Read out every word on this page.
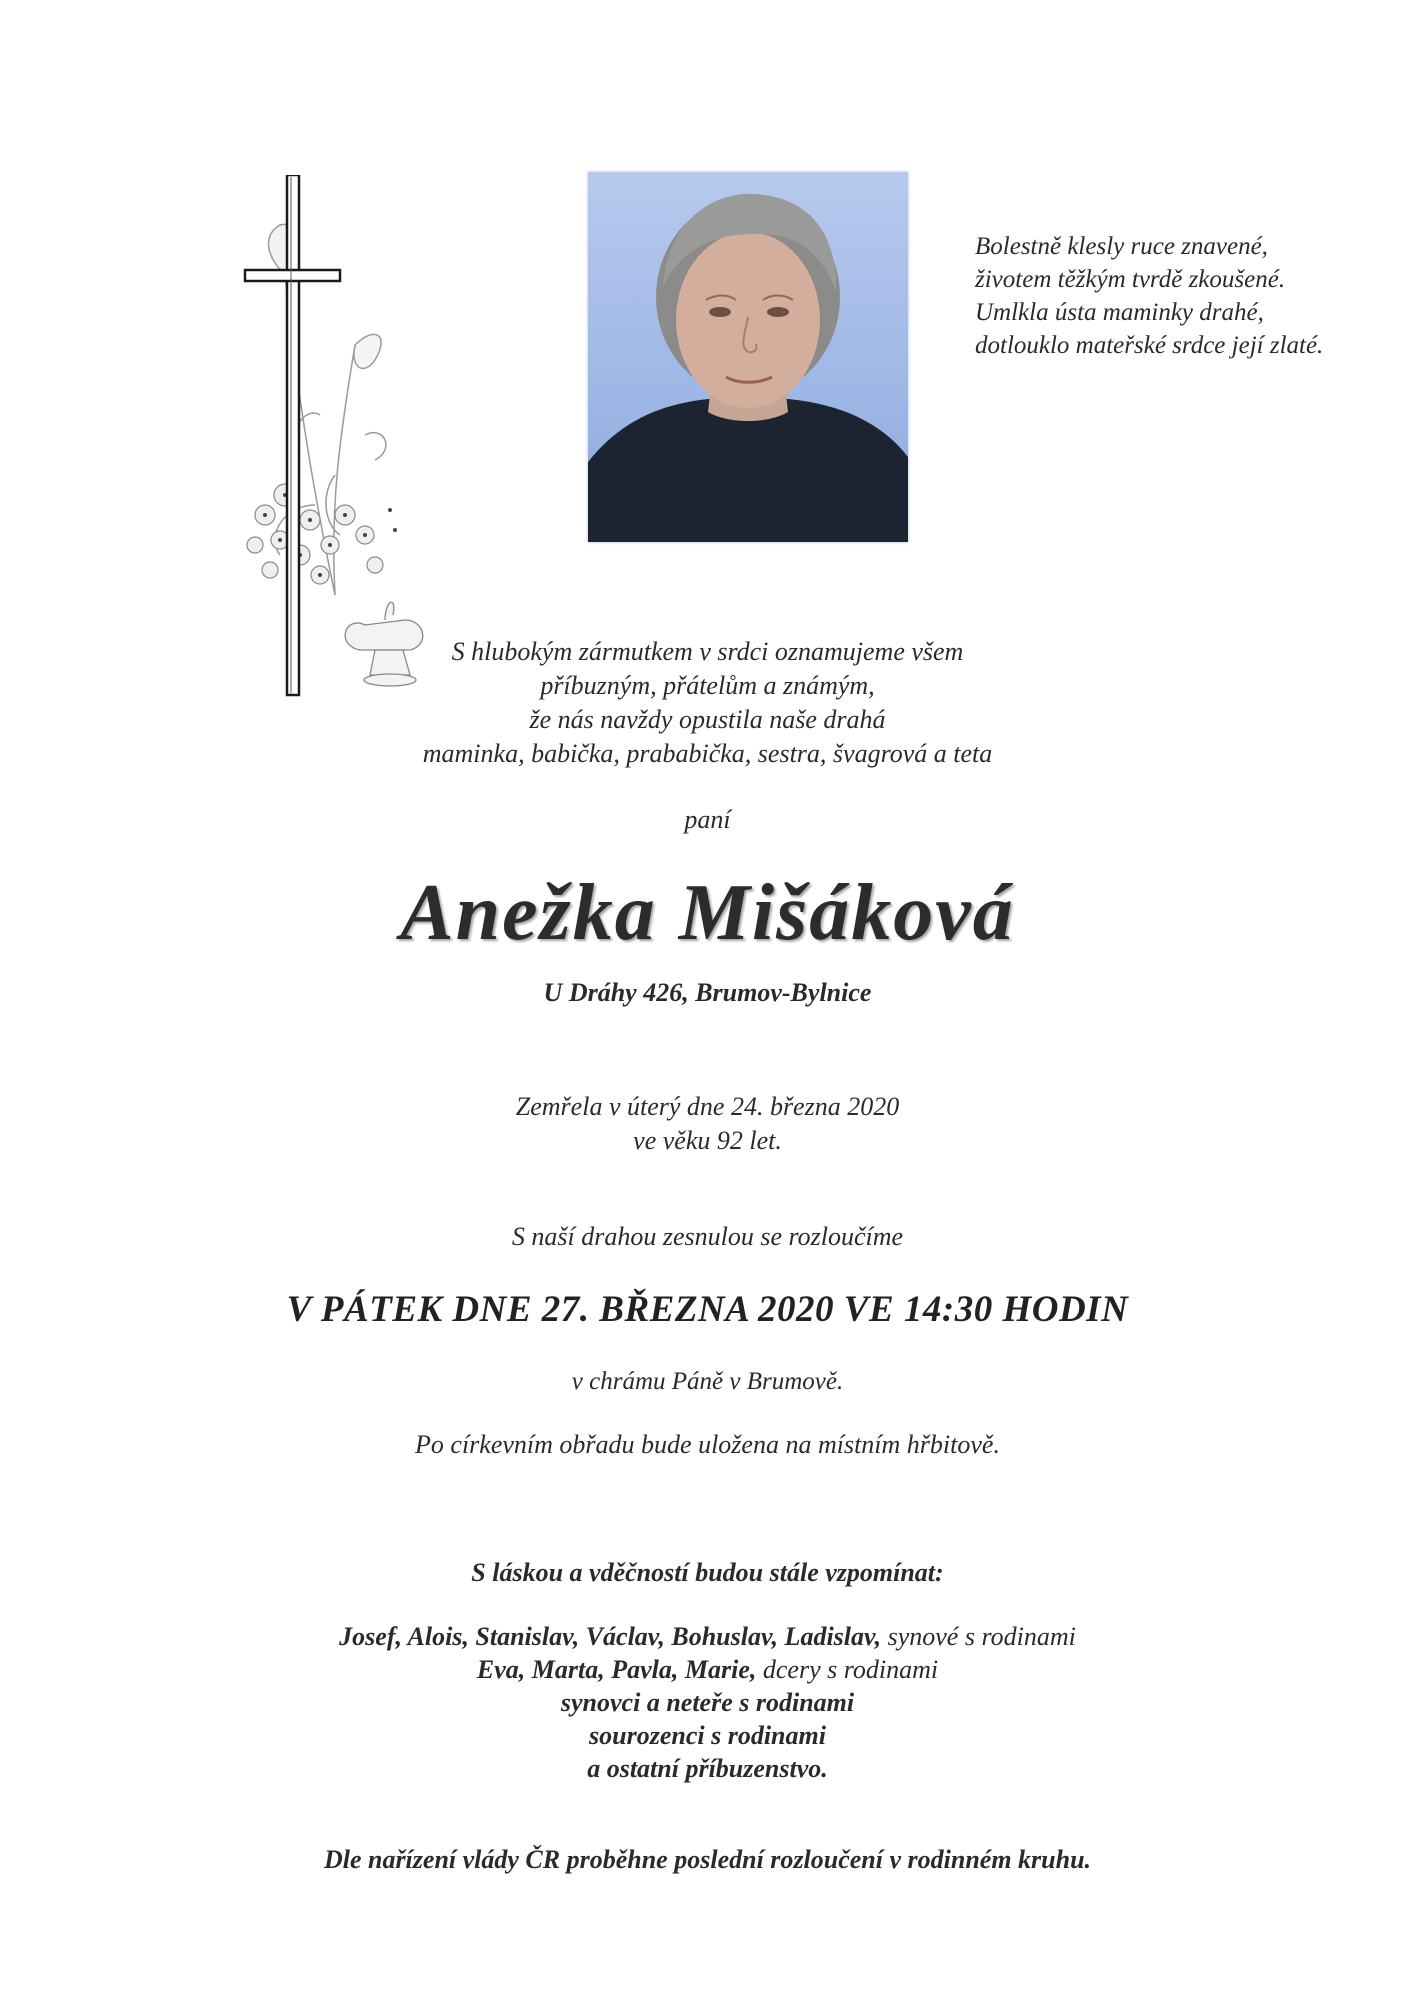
Bolestně klesly ruce znavené,
životem těžkým tvrdě zkoušené.
Umlkla ústa maminky drahé,
dotlouklo mateřské srdce její zlaté.
S hlubokým zármutkem v srdci oznamujeme všem
příbuzným, přátelům a známým,
že nás navždy opustila naše drahá
maminka, babička, prababička, sestra, švagrová a teta
paní
Anežka Mišáková
U Dráhy 426, Brumov-Bylnice
Zemřela v úterý dne 24. března 2020
ve věku 92 let.
S naší drahou zesnulou se rozloučíme
V PÁTEK DNE 27. BŘEZNA 2020 VE 14:30 HODIN
v chrámu Páně v Brumově.
Po církevním obřadu bude uložena na místním hřbitově.
S láskou a vděčností budou stále vzpomínat:
Josef, Alois, Stanislav, Václav, Bohuslav, Ladislav, synové s rodinami
Eva, Marta, Pavla, Marie, dcery s rodinami
synovci a neteře s rodinami
sourozenci s rodinami
a ostatní příbuzenstvo.
Dle nařízení vlády ČR proběhne poslední rozloučení v rodinném kruhu.
